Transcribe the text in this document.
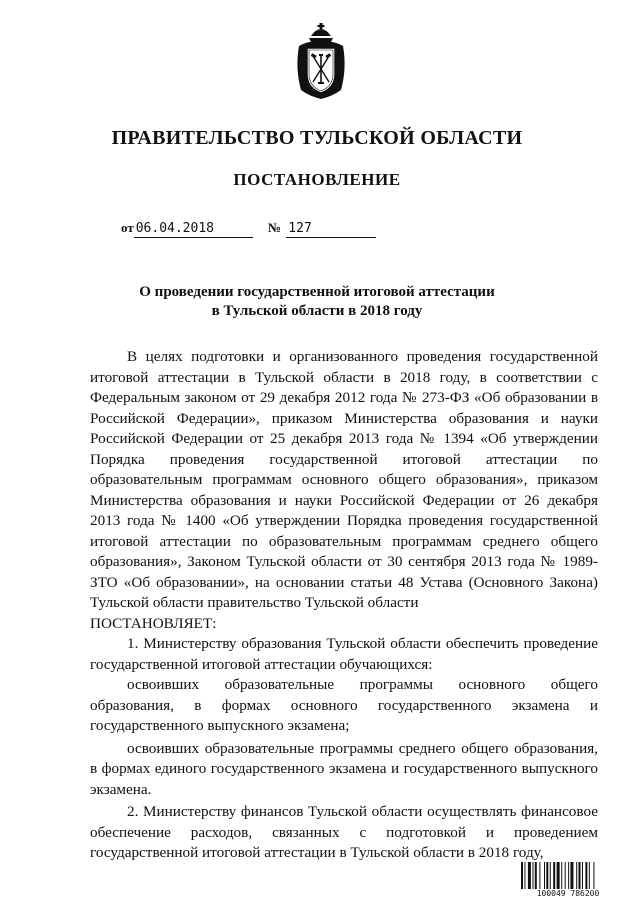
ПРАВИТЕЛЬСТВО ТУЛЬСКОЙ ОБЛАСТИ
ПОСТАНОВЛЕНИЕ
от 06.04.2018	№ 127
О проведении государственной итоговой аттестации
в Тульской области в 2018 году

В целях подготовки и организованного проведения государственной итоговой аттестации в Тульской области в 2018 году, в соответствии с Федеральным законом от 29 декабря 2012 года № 273-ФЗ «Об образовании в Российской Федерации», приказом Министерства образования и науки Российской Федерации от 25 декабря 2013 года № 1394 «Об утверждении Порядка проведения государственной итоговой аттестации по образовательным программам основного общего образования», приказом Министерства образования и науки Российской Федерации от 26 декабря 2013 года № 1400 «Об утверждении Порядка проведения государственной итоговой аттестации по образовательным программам среднего общего образования», Законом Тульской области от 30 сентября 2013 года № 1989-ЗТО «Об образовании», на основании статьи 48 Устава (Основного Закона) Тульской области правительство Тульской области

ПОСТАНОВЛЯЕТ:

1. Министерству образования Тульской области обеспечить проведение государственной итоговой аттестации обучающихся:

освоивших образовательные программы основного общего образования, в формах основного государственного экзамена и государственного выпускного экзамена;

освоивших образовательные программы среднего общего образования, в формах единого государственного экзамена и государственного выпускного экзамена.

2. Министерству финансов Тульской области осуществлять финансовое обеспечение расходов, связанных с подготовкой и проведением государственной итоговой аттестации в Тульской области в 2018 году,

100049 786200
